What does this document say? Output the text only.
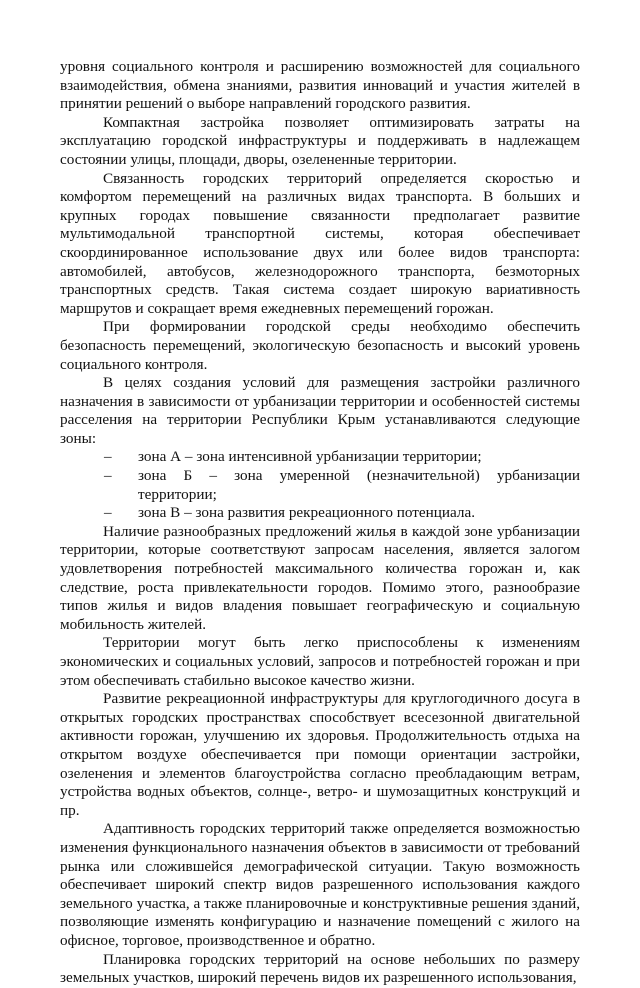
уровня социального контроля и расширению возможностей для социального взаимодействия, обмена знаниями, развития инноваций и участия жителей в принятии решений о выборе направлений городского развития.

Компактная застройка позволяет оптимизировать затраты на эксплуатацию городской инфраструктуры и поддерживать в надлежащем состоянии улицы, площади, дворы, озелененные территории.

Связанность городских территорий определяется скоростью и комфортом перемещений на различных видах транспорта. В больших и крупных городах повышение связанности предполагает развитие мультимодальной транспортной системы, которая обеспечивает скоординированное использование двух или более видов транспорта: автомобилей, автобусов, железнодорожного транспорта, безмоторных транспортных средств. Такая система создает широкую вариативность маршрутов и сокращает время ежедневных перемещений горожан.

При формировании городской среды необходимо обеспечить безопасность перемещений, экологическую безопасность и высокий уровень социального контроля.

В целях создания условий для размещения застройки различного назначения в зависимости от урбанизации территории и особенностей системы расселения на территории Республики Крым устанавливаются следующие зоны:

– зона А – зона интенсивной урбанизации территории;

– зона Б – зона умеренной (незначительной) урбанизации территории;

– зона В – зона развития рекреационного потенциала.

Наличие разнообразных предложений жилья в каждой зоне урбанизации территории, которые соответствуют запросам населения, является залогом удовлетворения потребностей максимального количества горожан и, как следствие, роста привлекательности городов. Помимо этого, разнообразие типов жилья и видов владения повышает географическую и социальную мобильность жителей.

Территории могут быть легко приспособлены к изменениям экономических и социальных условий, запросов и потребностей горожан и при этом обеспечивать стабильно высокое качество жизни.

Развитие рекреационной инфраструктуры для круглогодичного досуга в открытых городских пространствах способствует всесезонной двигательной активности горожан, улучшению их здоровья. Продолжительность отдыха на открытом воздухе обеспечивается при помощи ориентации застройки, озеленения и элементов благоустройства согласно преобладающим ветрам, устройства водных объектов, солнце-, ветро- и шумозащитных конструкций и пр.

Адаптивность городских территорий также определяется возможностью изменения функционального назначения объектов в зависимости от требований рынка или сложившейся демографической ситуации. Такую возможность обеспечивает широкий спектр видов разрешенного использования каждого земельного участка, а также планировочные и конструктивные решения зданий, позволяющие изменять конфигурацию и назначение помещений с жилого на офисное, торговое, производственное и обратно.

Планировка городских территорий на основе небольших по размеру земельных участков, широкий перечень видов их разрешенного использования,
